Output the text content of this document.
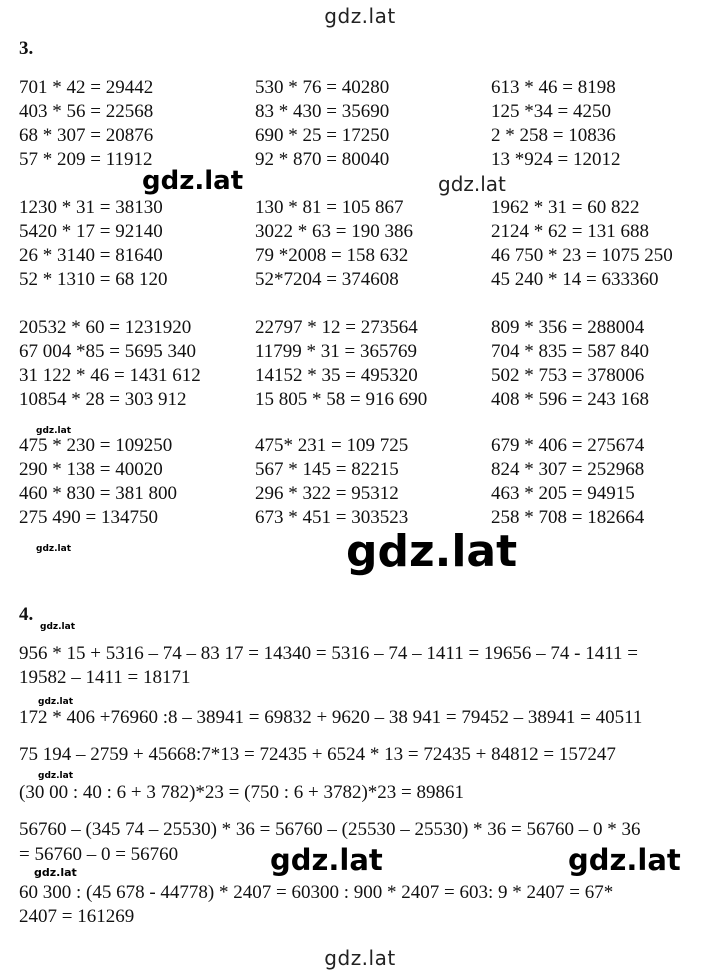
gdz.lat
gdz.lat	gdz.lat
gdz.lat
gdz.lat	gdz.lat
gdz.lat
gdz.lat
gdz.lat
gdz.lat	gdz.lat	gdz.lat
gdz.lat
3.
701 * 42 = 29442	530 * 76 = 40280	613 * 46 = 8198
403 * 56 = 22568	83 * 430 = 35690	125 *34 = 4250
68 * 307 = 20876	690 * 25 = 17250	2 * 258 = 10836
57 * 209 = 11912	92 * 870 = 80040	13 *924 = 12012
1230 * 31 = 38130	130 * 81 = 105 867	1962 * 31 = 60 822
5420 * 17 = 92140	3022 * 63 = 190 386	2124 * 62 = 131 688
26 * 3140 = 81640	79 *2008 = 158 632	46 750 * 23 = 1075 250
52 * 1310 = 68 120	52*7204 = 374608	45 240 * 14 = 633360
20532 * 60 = 1231920	22797 * 12 = 273564	809 * 356 = 288004
67 004 *85 = 5695 340	11799 * 31 = 365769	704 * 835 = 587 840
31 122 * 46 = 1431 612	14152 * 35 = 495320	502 * 753 = 378006
10854 * 28 = 303 912	15 805 * 58 = 916 690	408 * 596 = 243 168
475 * 230 = 109250	475* 231 = 109 725	679 * 406 = 275674
290 * 138 = 40020	567 * 145 = 82215	824 * 307 = 252968
460 * 830 = 381 800	296 * 322 = 95312	463 * 205 = 94915
275 490 = 134750	673 * 451 = 303523	258 * 708 = 182664
4.
956 * 15 + 5316 – 74 – 83 17 = 14340 = 5316 – 74 – 1411 = 19656 – 74 - 1411 =
19582 – 1411 = 18171
172 * 406 +76960 :8 – 38941 = 69832 + 9620 – 38 941 = 79452 – 38941 = 40511
75 194 – 2759 + 45668:7*13 = 72435 + 6524 * 13 = 72435 + 84812 = 157247
(30 00 : 40 : 6 + 3 782)*23 = (750 : 6 + 3782)*23 = 89861
56760 – (345 74 – 25530) * 36 = 56760 – (25530 – 25530) * 36 = 56760 – 0 * 36
= 56760 – 0 = 56760
60 300 : (45 678 - 44778) * 2407 = 60300 : 900 * 2407 = 603: 9 * 2407 = 67*
2407 = 161269
